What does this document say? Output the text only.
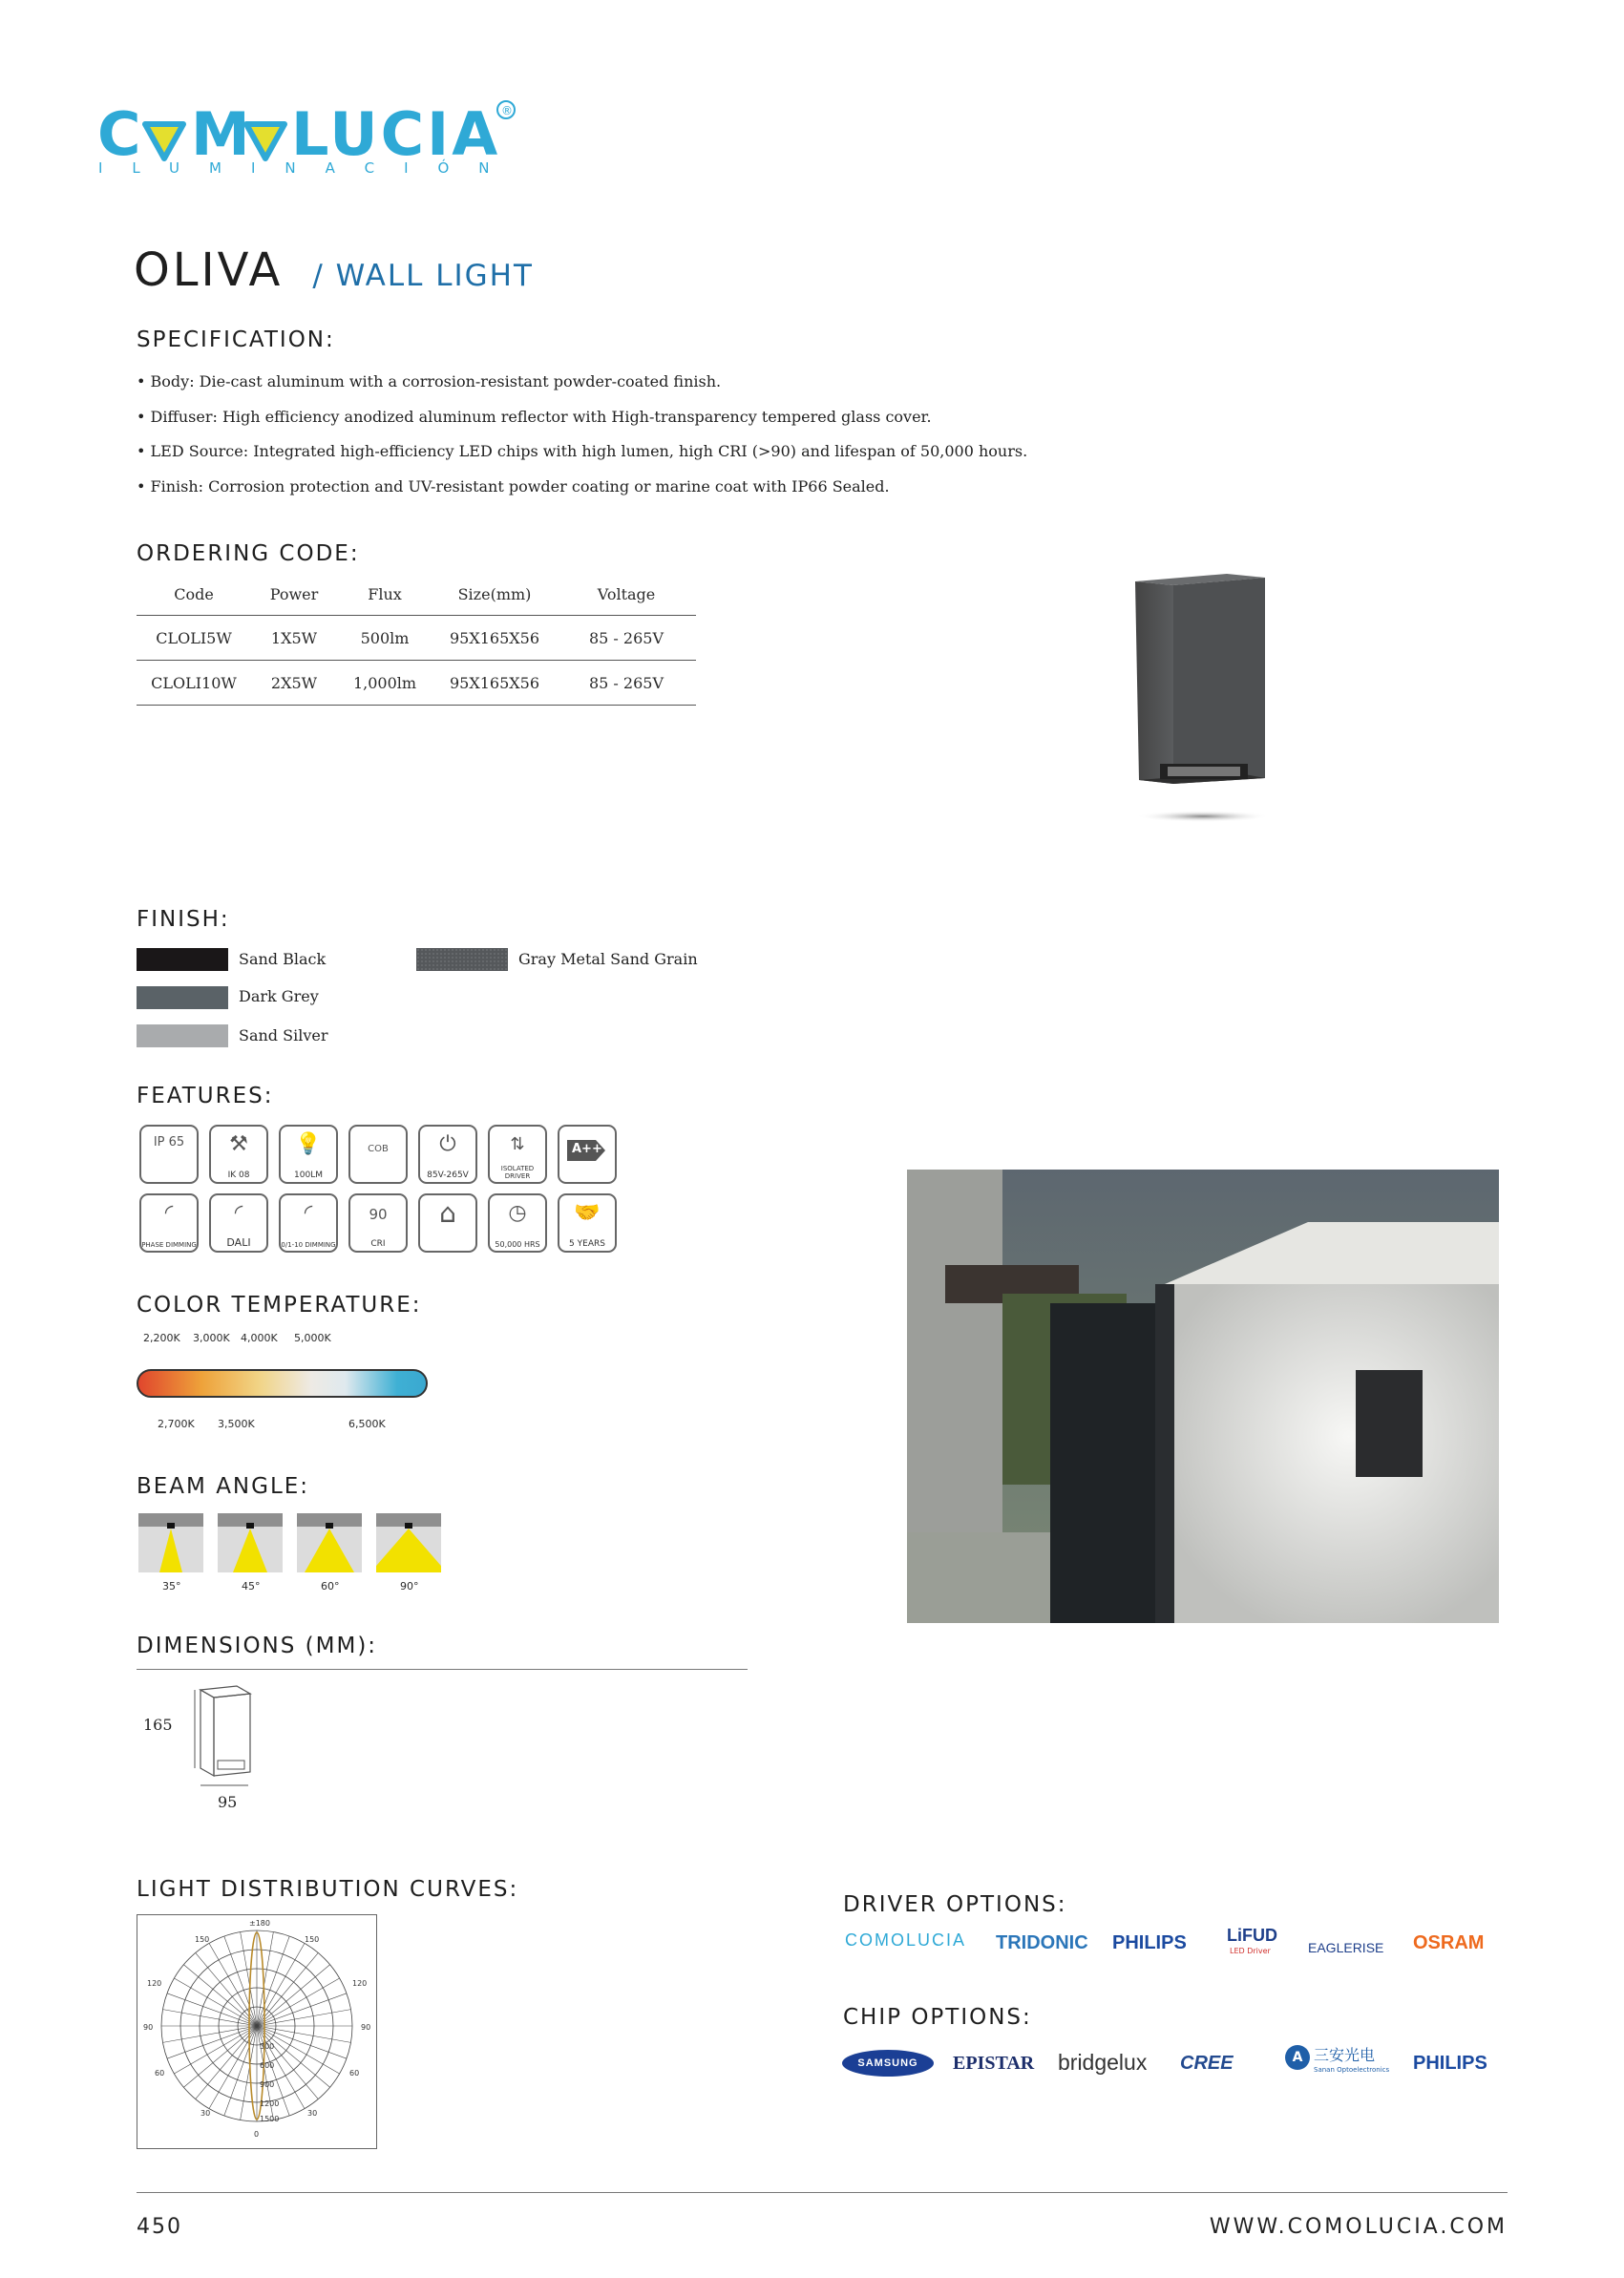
C M LUCIA ®
ILUMINACIÓN
OLIVA / WALL LIGHT
SPECIFICATION:
• Body: Die-cast aluminum with a corrosion-resistant powder-coated finish.
• Diffuser: High efficiency anodized aluminum reflector with High-transparency tempered glass cover.
• LED Source: Integrated high-efficiency LED chips with high lumen, high CRI (>90) and lifespan of 50,000 hours.
• Finish: Corrosion protection and UV-resistant powder coating or marine coat with IP66 Sealed.
ORDERING CODE:
Code	Power	Flux	Size(mm)	Voltage
CLOLI5W	1X5W	500lm	95X165X56	85 - 265V
CLOLI10W	2X5W	1,000lm	95X165X56	85 - 265V
FINISH:
Sand Black
Dark Grey
Sand Silver
Gray Metal Sand Grain
FEATURES:
IP 65	⚒
IK 08
💡
100LM
COB	⏻
85V-265V
⇅
ISOLATED DRIVER
A++
◜
PHASE DIMMING
◜
DALI
◜
0/1-10 DIMMING
90
CRI
⌂	◷
50,000 HRS
🤝
5 YEARS
COLOR TEMPERATURE:
2,200K 3,000K 4,000K 5,000K
2,700K 3,500K	6,500K
BEAM ANGLE:
35°	45°	60°	90°
DIMENSIONS (MM):
165
95
LIGHT DISTRIBUTION CURVES:
±180
150	150
120	120
90	90
60	60
30	30
0
300
600
900
1200
1500
DRIVER OPTIONS:
COMOLUCIA TRIDONIC PHILIPS LiFUD
LED Driver	EAGLERISE OSRAM
CHIP OPTIONS:
SAMSUNG	EPISTAR bridgelux CREE	A 三安光电
Sanan Optoelectronics PHILIPS
450	WWW.COMOLUCIA.COM
